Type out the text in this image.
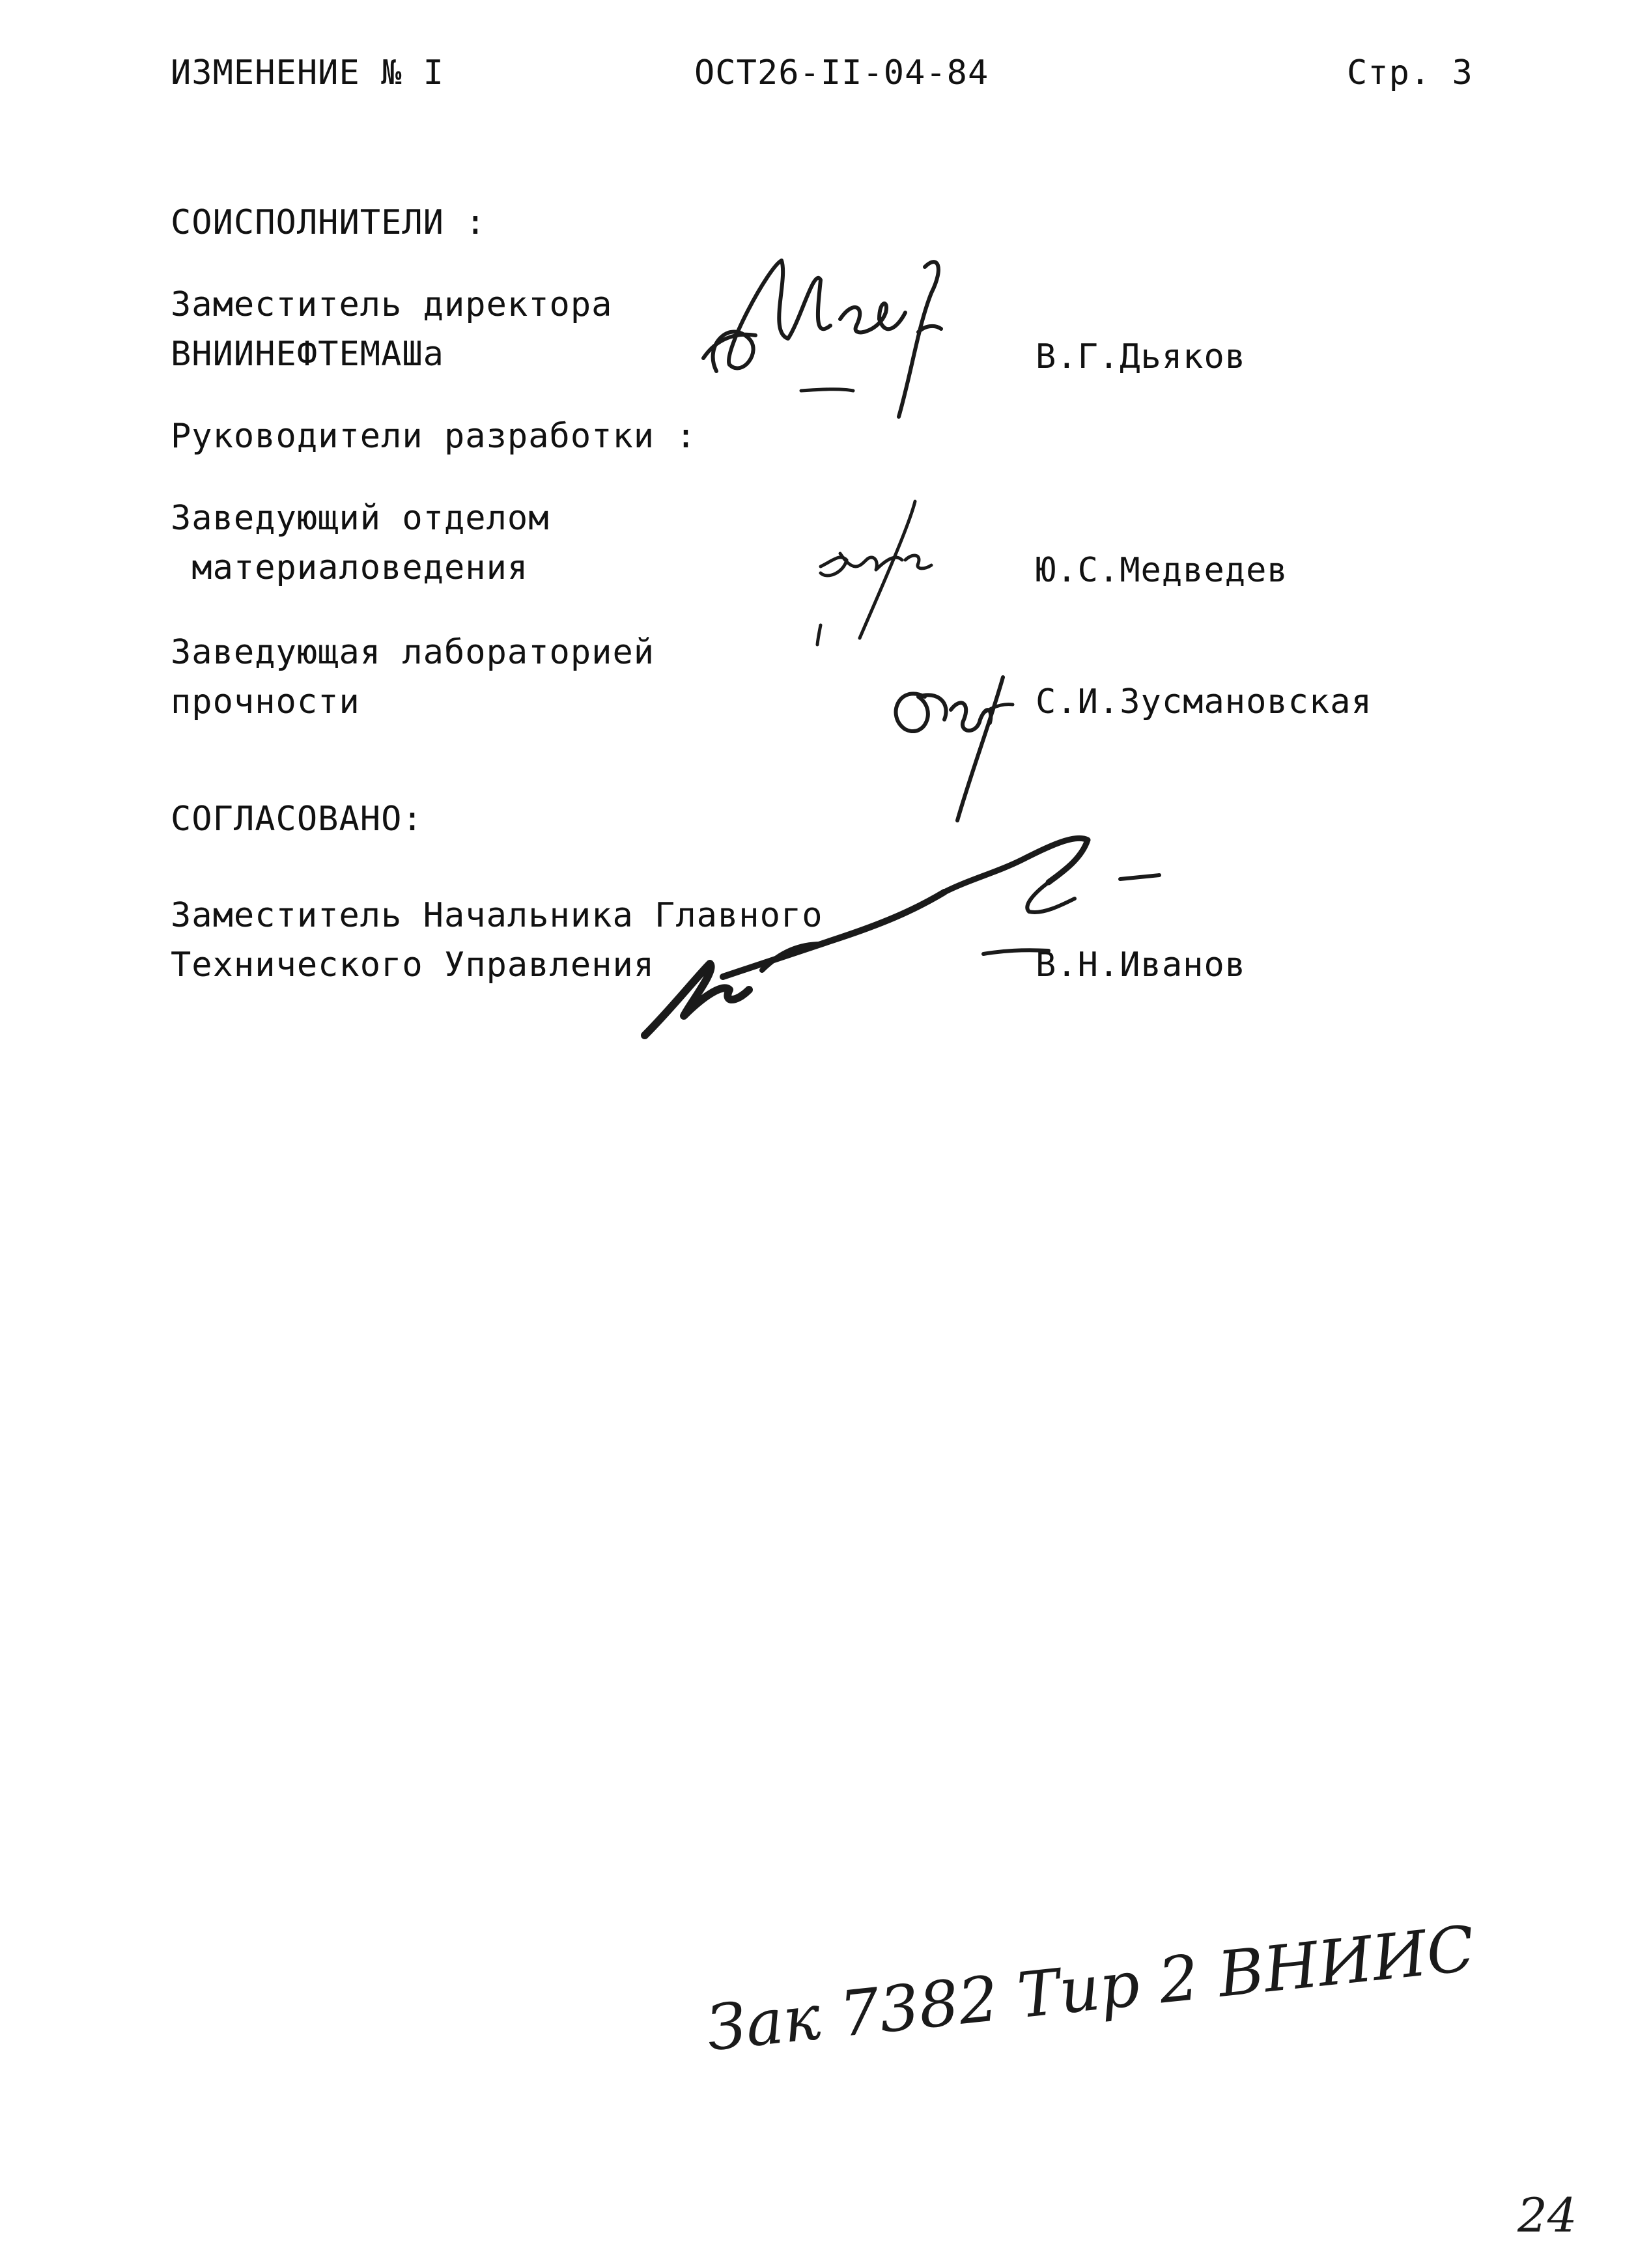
ИЗМЕНЕНИЕ № I	ОСТ26-II-04-84	Стр. 3
СОИСПОЛНИТЕЛИ :
Заместитель директора
ВНИИНЕФТЕМАШа	В.Г.Дьяков
Руководители разработки :
Заведующий отделом
материаловедения	Ю.С.Медведев
Заведующая лабораторией
прочности	С.И.Зусмановская
СОГЛАСОВАНО:
Заместитель Начальника Главного
Технического Управления	В.Н.Иванов
Зак 7382 Тир 2 ВНИИС
24
